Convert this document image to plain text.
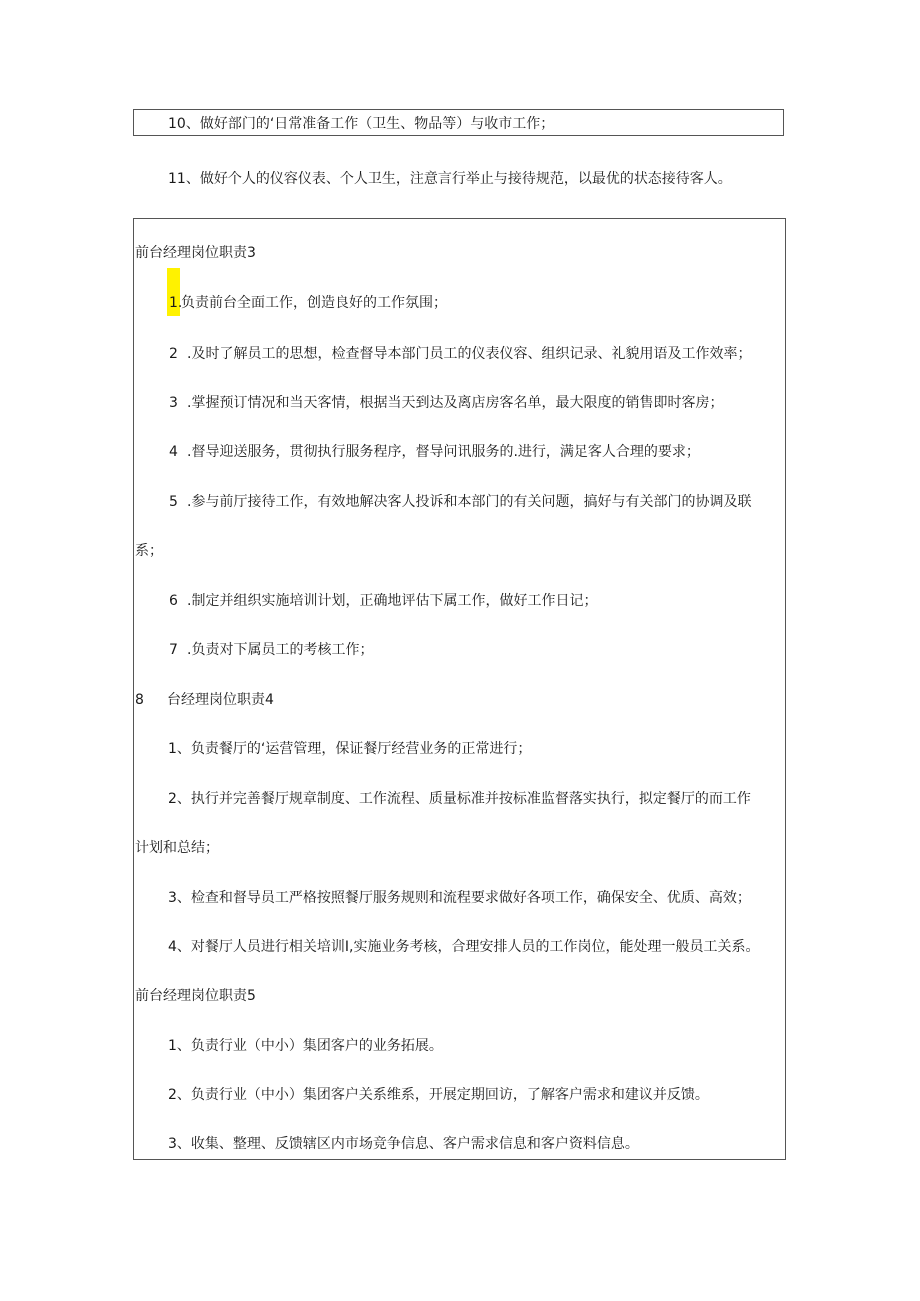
10、做好部门的‘日常准备工作（卫生、物品等）与收市工作；
11、做好个人的仪容仪表、个人卫生，注意言行举止与接待规范，以最优的状态接待客人。
前台经理岗位职责3
1.
负责前台全面工作，创造良好的工作氛围；
2 .及时了解员工的思想，检查督导本部门员工的仪表仪容、组织记录、礼貌用语及工作效率；
3 .掌握预订情况和当天客情，根据当天到达及离店房客名单，最大限度的销售即时客房；
4 .督导迎送服务，贯彻执行服务程序，督导问讯服务的.进行，满足客人合理的要求；
5 .参与前厅接待工作，有效地解决客人投诉和本部门的有关问题，搞好与有关部门的协调及联
系；
6 .制定并组织实施培训计划，正确地评估下属工作，做好工作日记；
7 .负责对下属员工的考核工作；
8 台经理岗位职责4
1、负责餐厅的‘运营管理，保证餐厅经营业务的正常进行；
2、执行并完善餐厅规章制度、工作流程、质量标准并按标准监督落实执行，拟定餐厅的而工作
计划和总结；
3、检查和督导员工严格按照餐厅服务规则和流程要求做好各项工作，确保安全、优质、高效；
4、对餐厅人员进行相关培训I,实施业务考核，合理安排人员的工作岗位，能处理一般员工关系。
前台经理岗位职责5
1、负责行业（中小）集团客户的业务拓展。
2、负责行业（中小）集团客户关系维系，开展定期回访，了解客户需求和建议并反馈。
3、收集、整理、反馈辖区内市场竞争信息、客户需求信息和客户资料信息。
